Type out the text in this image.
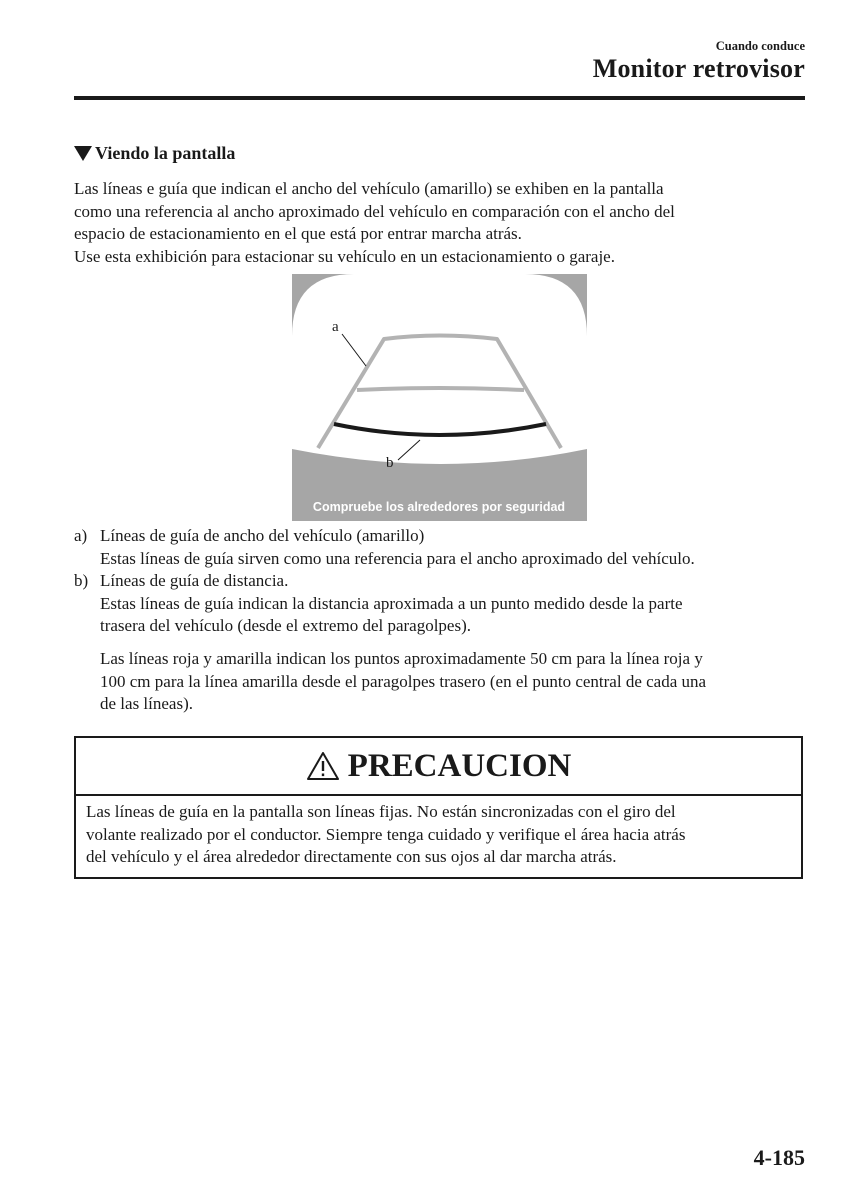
Cuando conduce
Monitor retrovisor
Viendo la pantalla
Las líneas e guía que indican el ancho del vehículo (amarillo) se exhiben en la pantalla
como una referencia al ancho aproximado del vehículo en comparación con el ancho del
espacio de estacionamiento en el que está por entrar marcha atrás.
Use esta exhibición para estacionar su vehículo en un estacionamiento o garaje.
a
b
Compruebe los alrededores por seguridad
a) Líneas de guía de ancho del vehículo (amarillo)
Estas líneas de guía sirven como una referencia para el ancho aproximado del vehículo.
b) Líneas de guía de distancia.
Estas líneas de guía indican la distancia aproximada a un punto medido desde la parte
trasera del vehículo (desde el extremo del paragolpes).
Las líneas roja y amarilla indican los puntos aproximadamente 50 cm para la línea roja y
100 cm para la línea amarilla desde el paragolpes trasero (en el punto central de cada una
de las líneas).
PRECAUCION
Las líneas de guía en la pantalla son líneas fijas. No están sincronizadas con el giro del
volante realizado por el conductor. Siempre tenga cuidado y verifique el área hacia atrás
del vehículo y el área alrededor directamente con sus ojos al dar marcha atrás.
4-185
